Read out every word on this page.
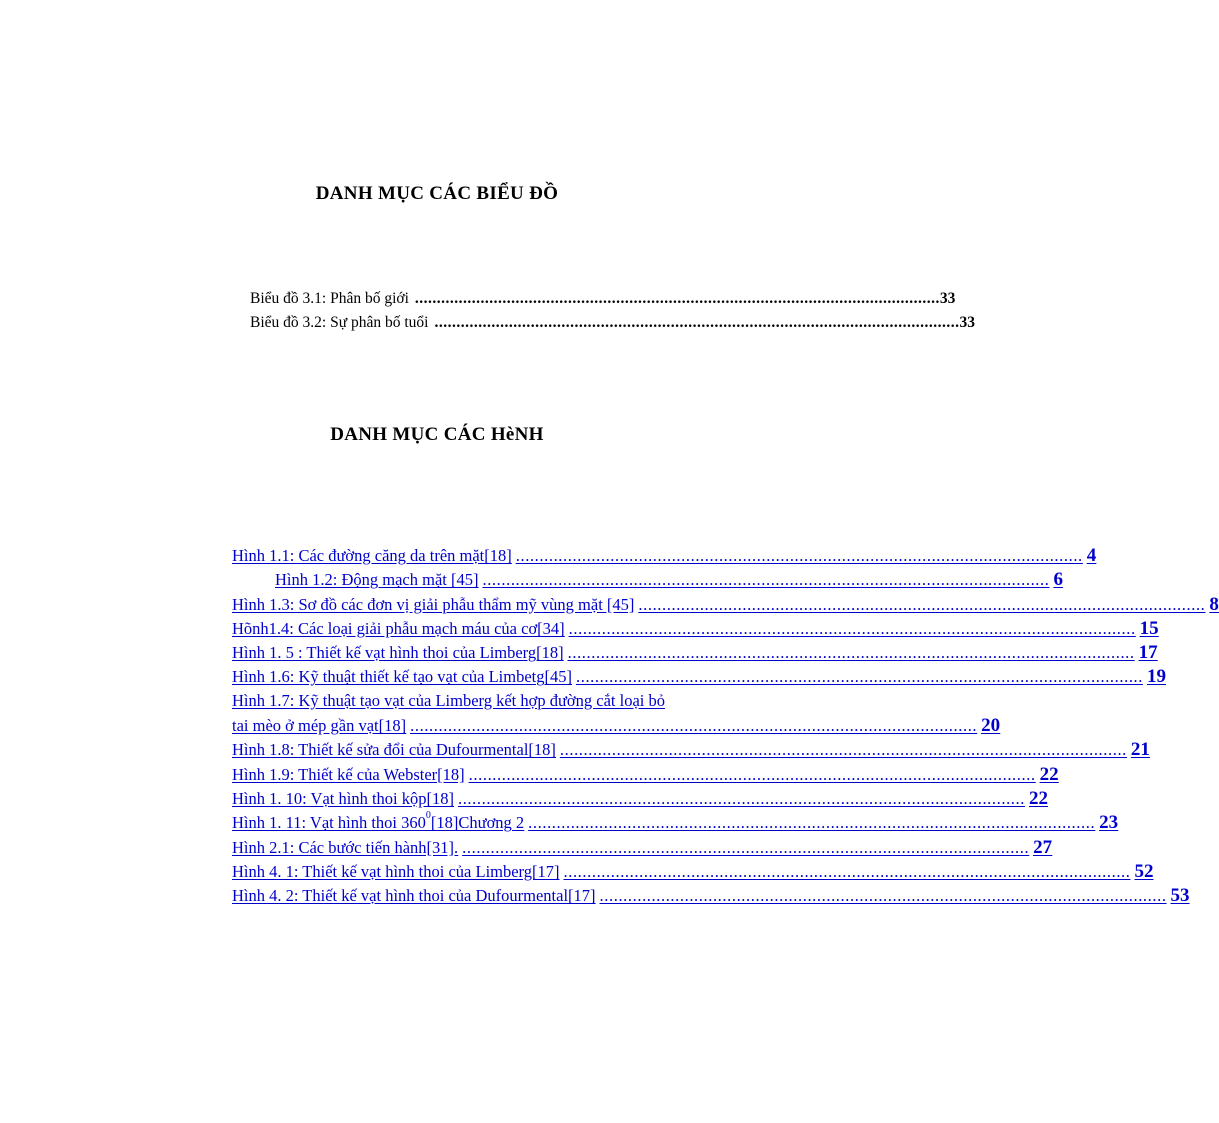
DANH MỤC CÁC BIỂU ĐỒ
Biểu đồ 3.1: Phân bố giới ........................................................................................................................ 33
Biểu đồ 3.2: Sự phân bố tuổi ........................................................................................................................ 33
DANH MỤC CÁC HèNH
Hình 1.1: Các đường căng da trên mặt[18] ........................................................................................................................ 4
Hình 1.2: Động mạch mặt [45] ........................................................................................................................ 6
Hình 1.3: Sơ đồ các đơn vị giải phẫu thẩm mỹ vùng mặt [45] ........................................................................................................................ 8
Hõnh1.4: Các loại giải phẫu mạch máu của cơ[34] ........................................................................................................................ 15
Hình 1. 5 : Thiết kế vạt hình thoi của Limberg[18] ........................................................................................................................ 17
Hình 1.6: Kỹ thuật thiết kế tạo vạt của Limbetg[45] ........................................................................................................................ 19
Hình 1.7: Kỹ thuật tạo vạt của Limberg kết hợp đường cắt loại bỏ
tai mèo ở mép gần vạt[18] ........................................................................................................................ 20
Hình 1.8: Thiết kế sửa đổi của Dufourmental[18] ........................................................................................................................ 21
Hình 1.9: Thiết kế của Webster[18] ........................................................................................................................ 22
Hình 1. 10: Vạt hình thoi kộp[18] ........................................................................................................................ 22
Hình 1. 11: Vạt hình thoi $360^0[18]Chương$ 2 ........................................................................................................................ 23
Hình 2.1: Các bước tiến hành[31]. ........................................................................................................................ 27
Hình 4. 1: Thiết kế vạt hình thoi của Limberg[17] ........................................................................................................................ 52
Hình 4. 2: Thiết kế vạt hình thoi của Dufourmental[17] ........................................................................................................................ 53
